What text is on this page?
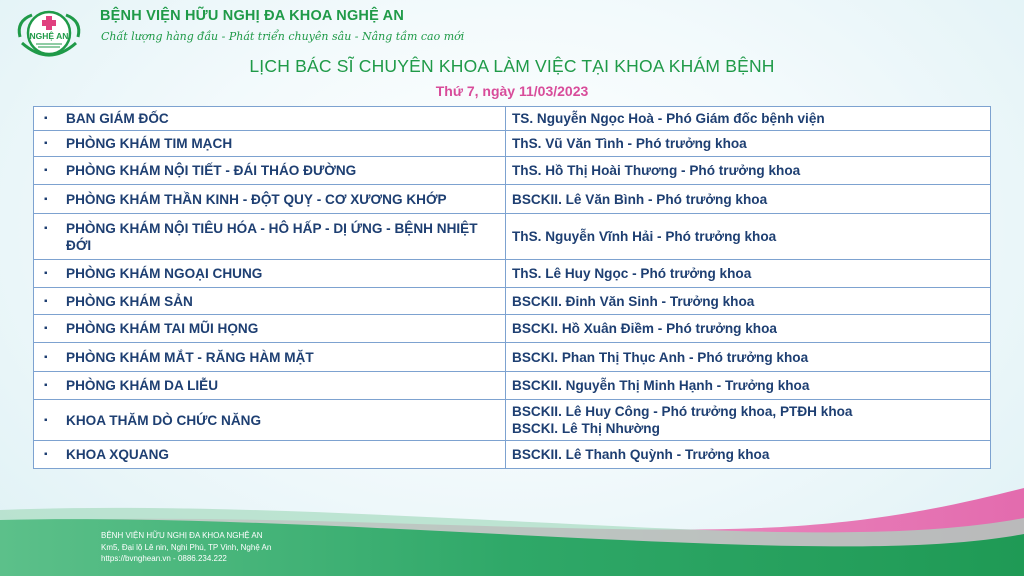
NGHỆ AN
BỆNH VIỆN HỮU NGHỊ ĐA KHOA NGHỆ AN
Chất lượng hàng đầu - Phát triển chuyên sâu - Nâng tầm cao mới
LỊCH BÁC SĨ CHUYÊN KHOA LÀM VIỆC TẠI KHOA KHÁM BỆNH
Thứ 7, ngày 11/03/2023
▪ BAN GIÁM ĐỐC	TS. Nguyễn Ngọc Hoà - Phó Giám đốc bệnh viện

▪ PHÒNG KHÁM TIM MẠCH	ThS. Vũ Văn Tình - Phó trưởng khoa

▪ PHÒNG KHÁM NỘI TIẾT - ĐÁI THÁO ĐƯỜNG	ThS. Hồ Thị Hoài Thương - Phó trưởng khoa

▪ PHÒNG KHÁM THẦN KINH - ĐỘT QUỴ - CƠ XƯƠNG KHỚP	BSCKII. Lê Văn Bình - Phó trưởng khoa

▪ PHÒNG KHÁM NỘI TIÊU HÓA - HÔ HẤP - DỊ ỨNG - BỆNH NHIỆT ĐỚI	ThS. Nguyễn Vĩnh Hải - Phó trưởng khoa

▪ PHÒNG KHÁM NGOẠI CHUNG	ThS. Lê Huy Ngọc - Phó trưởng khoa

▪ PHÒNG KHÁM SẢN	BSCKII. Đinh Văn Sinh - Trưởng khoa

▪ PHÒNG KHÁM TAI MŨI HỌNG	BSCKI. Hồ Xuân Điềm - Phó trưởng khoa

▪ PHÒNG KHÁM MẮT - RĂNG HÀM MẶT	BSCKI. Phan Thị Thục Anh - Phó trưởng khoa

▪ PHÒNG KHÁM DA LIỄU	BSCKII. Nguyễn Thị Minh Hạnh - Trưởng khoa

▪ KHOA THĂM DÒ CHỨC NĂNG	BSCKII. Lê Huy Công - Phó trưởng khoa, PTĐH khoa
BSCKI. Lê Thị Nhường

▪ KHOA XQUANG	BSCKII. Lê Thanh Quỳnh - Trưởng khoa
BỆNH VIỆN HỮU NGHỊ ĐA KHOA NGHỆ AN
Km5, Đại lộ Lê nin, Nghi Phú, TP Vinh, Nghệ An
https://bvnghean.vn - 0886.234.222
